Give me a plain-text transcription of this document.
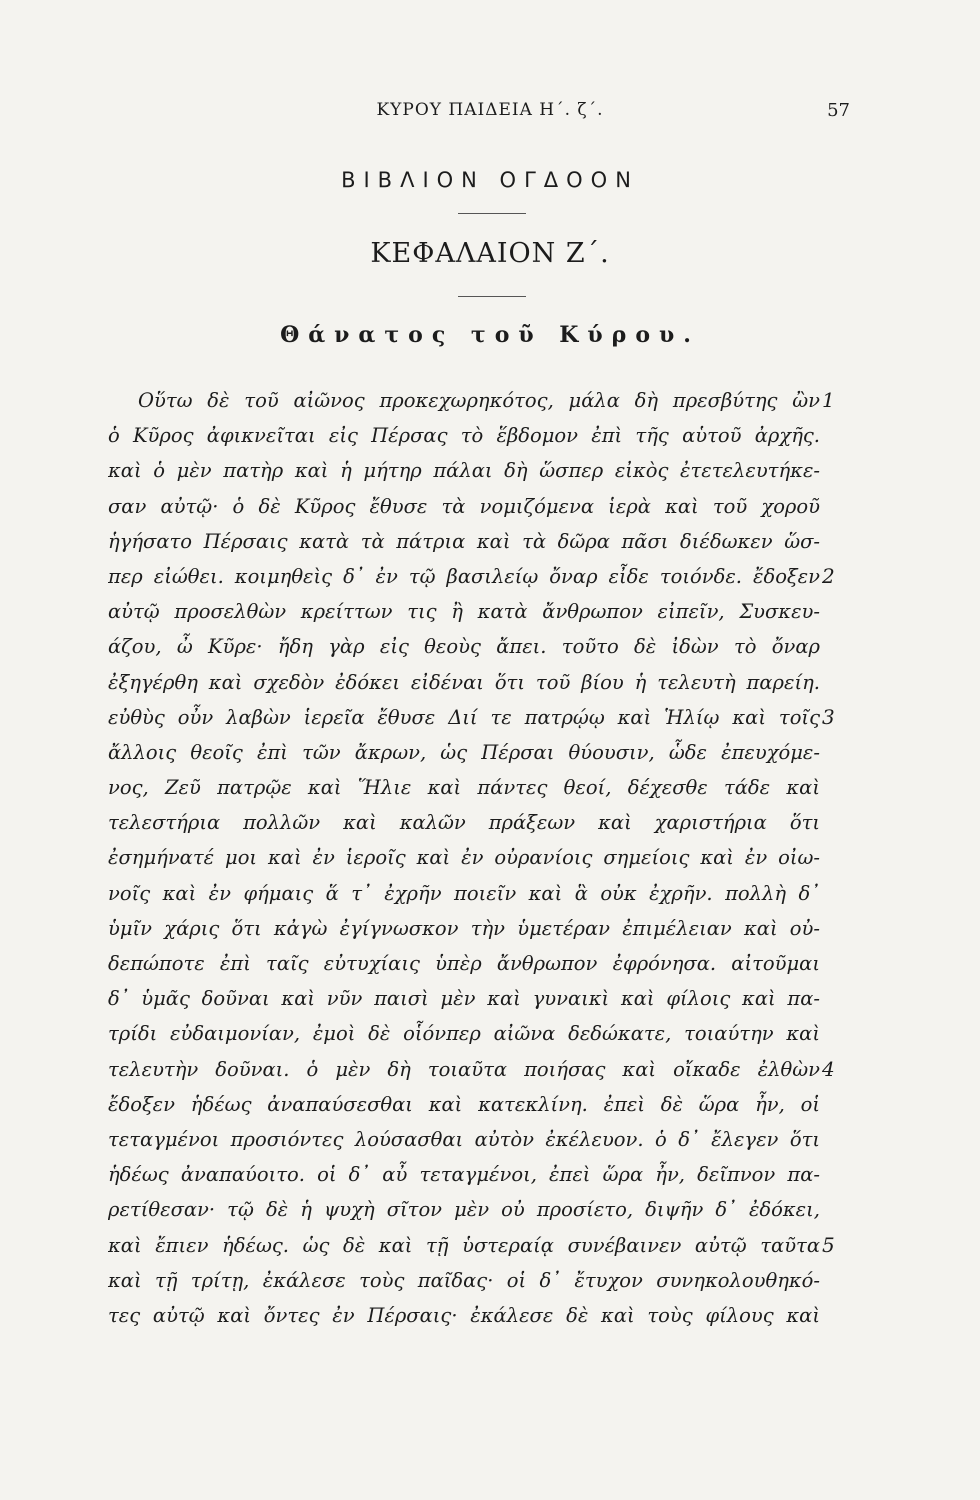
ΚΥΡΟΥ ΠΑΙΔΕΙΑ Η΄. ζ΄.	57
ΒΙΒΛΙΟΝ ΟΓΔΟΟΝ
ΚΕΦΑΛΑΙΟΝ Ζ΄.
Θάνατος τοῦ Κύρου.
Οὕτω δὲ τοῦ αἰῶνος προκεχωρηκότος, μάλα δὴ πρεσβύτης ὢν
ὁ Κῦρος ἀφικνεῖται εἰς Πέρσας τὸ ἕβδομον ἐπὶ τῆς αὑτοῦ ἀρχῆς.
καὶ ὁ μὲν πατὴρ καὶ ἡ μήτηρ πάλαι δὴ ὥσπερ εἰκὸς ἐτετελευτήκε-
σαν αὐτῷ· ὁ δὲ Κῦρος ἔθυσε τὰ νομιζόμενα ἱερὰ καὶ τοῦ χοροῦ
ἡγήσατο Πέρσαις κατὰ τὰ πάτρια καὶ τὰ δῶρα πᾶσι διέδωκεν ὥσ-
περ εἰώθει. κοιμηθεὶς δ᾿ ἐν τῷ βασιλείῳ ὄναρ εἶδε τοιόνδε. ἔδοξεν
αὐτῷ προσελθὼν κρείττων τις ἢ κατὰ ἄνθρωπον εἰπεῖν, Συσκευ-
άζου, ὦ Κῦρε· ἤδη γὰρ εἰς θεοὺς ἄπει. τοῦτο δὲ ἰδὼν τὸ ὄναρ
ἐξηγέρθη καὶ σχεδὸν ἐδόκει εἰδέναι ὅτι τοῦ βίου ἡ τελευτὴ παρείη.
εὐθὺς οὖν λαβὼν ἱερεῖα ἔθυσε Διί τε πατρῴῳ καὶ Ἡλίῳ καὶ τοῖς
ἄλλοις θεοῖς ἐπὶ τῶν ἄκρων, ὡς Πέρσαι θύουσιν, ὧδε ἐπευχόμε-
νος, Ζεῦ πατρῷε καὶ Ἥλιε καὶ πάντες θεοί, δέχεσθε τάδε καὶ
τελεστήρια πολλῶν καὶ καλῶν πράξεων καὶ χαριστήρια ὅτι
ἐσημήνατέ μοι καὶ ἐν ἱεροῖς καὶ ἐν οὐρανίοις σημείοις καὶ ἐν οἰω-
νοῖς καὶ ἐν φήμαις ἅ τ᾿ ἐχρῆν ποιεῖν καὶ ἃ οὐκ ἐχρῆν. πολλὴ δ᾿
ὑμῖν χάρις ὅτι κἀγὼ ἐγίγνωσκον τὴν ὑμετέραν ἐπιμέλειαν καὶ οὐ-
δεπώποτε ἐπὶ ταῖς εὐτυχίαις ὑπὲρ ἄνθρωπον ἐφρόνησα. αἰτοῦμαι
δ᾿ ὑμᾶς δοῦναι καὶ νῦν παισὶ μὲν καὶ γυναικὶ καὶ φίλοις καὶ πα-
τρίδι εὐδαιμονίαν, ἐμοὶ δὲ οἷόνπερ αἰῶνα δεδώκατε, τοιαύτην καὶ
τελευτὴν δοῦναι. ὁ μὲν δὴ τοιαῦτα ποιήσας καὶ οἴκαδε ἐλθὼν
ἔδοξεν ἡδέως ἀναπαύσεσθαι καὶ κατεκλίνη. ἐπεὶ δὲ ὥρα ἦν, οἱ
τεταγμένοι προσιόντες λούσασθαι αὐτὸν ἐκέλευον. ὁ δ᾿ ἔλεγεν ὅτι
ἡδέως ἀναπαύοιτο. οἱ δ᾿ αὖ τεταγμένοι, ἐπεὶ ὥρα ἦν, δεῖπνον πα-
ρετίθεσαν· τῷ δὲ ἡ ψυχὴ σῖτον μὲν οὐ προσίετο, διψῆν δ᾿ ἐδόκει,
καὶ ἔπιεν ἡδέως. ὡς δὲ καὶ τῇ ὑστεραίᾳ συνέβαινεν αὐτῷ ταῦτα
καὶ τῇ τρίτῃ, ἐκάλεσε τοὺς παῖδας· οἱ δ᾿ ἔτυχον συνηκολουθηκό-
τες αὐτῷ καὶ ὄντες ἐν Πέρσαις· ἐκάλεσε δὲ καὶ τοὺς φίλους καὶ
1
2
3
4
5
